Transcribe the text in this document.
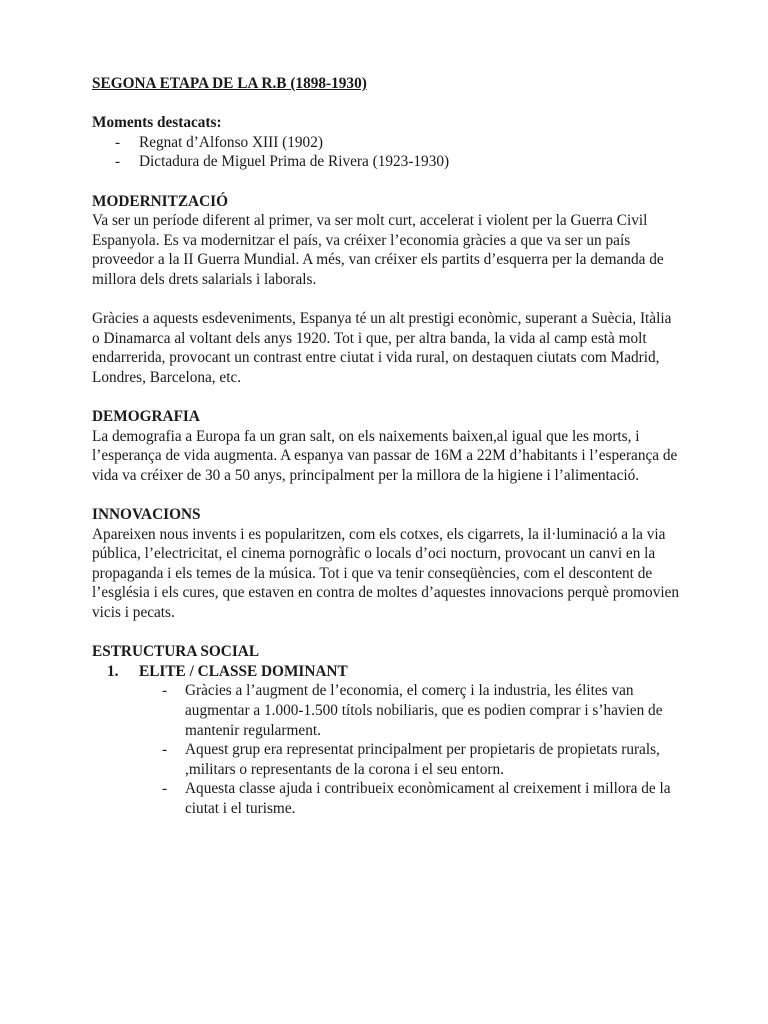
SEGONA ETAPA DE LA R.B (1898-1930)

Moments destacats:

- Regnat d’Alfonso XIII (1902)
- Dictadura de Miguel Prima de Rivera (1923-1930)

MODERNITZACIÓ

Va ser un període diferent al primer, va ser molt curt, accelerat i violent per la Guerra Civil Espanyola. Es va modernitzar el país, va créixer l’economia gràcies a que va ser un país proveedor a la II Guerra Mundial. A més, van créixer els partits d’esquerra per la demanda de millora dels drets salarials i laborals.

Gràcies a aquests esdeveniments, Espanya té un alt prestigi econòmic, superant a Suècia, Itàlia o Dinamarca al voltant dels anys 1920. Tot i que, per altra banda, la vida al camp està molt endarrerida, provocant un contrast entre ciutat i vida rural, on destaquen ciutats com Madrid, Londres, Barcelona, etc.

DEMOGRAFIA

La demografia a Europa fa un gran salt, on els naixements baixen,al igual que les morts, i l’esperança de vida augmenta. A espanya van passar de 16M a 22M d’habitants i l’esperança de vida va créixer de 30 a 50 anys, principalment per la millora de la higiene i l’alimentació.

INNOVACIONS

Apareixen nous invents i es popularitzen, com els cotxes, els cigarrets, la il·luminació a la via pública, l’electricitat, el cinema pornogràfic o locals d’oci nocturn, provocant un canvi en la propaganda i els temes de la música. Tot i que va tenir conseqüències, com el descontent de l’església i els cures, que estaven en contra de moltes d’aquestes innovacions perquè promovien vicis i pecats.

ESTRUCTURA SOCIAL

1. ELITE / CLASSE DOMINANT
- Gràcies a l’augment de l’economia, el comerç i la industria, les élites van augmentar a 1.000-1.500 títols nobiliaris, que es podien comprar i s’havien de mantenir regularment.
- Aquest grup era representat principalment per propietaris de propietats rurals, ,militars o representants de la corona i el seu entorn.
- Aquesta classe ajuda i contribueix econòmicament al creixement i millora de la ciutat i el turisme.
